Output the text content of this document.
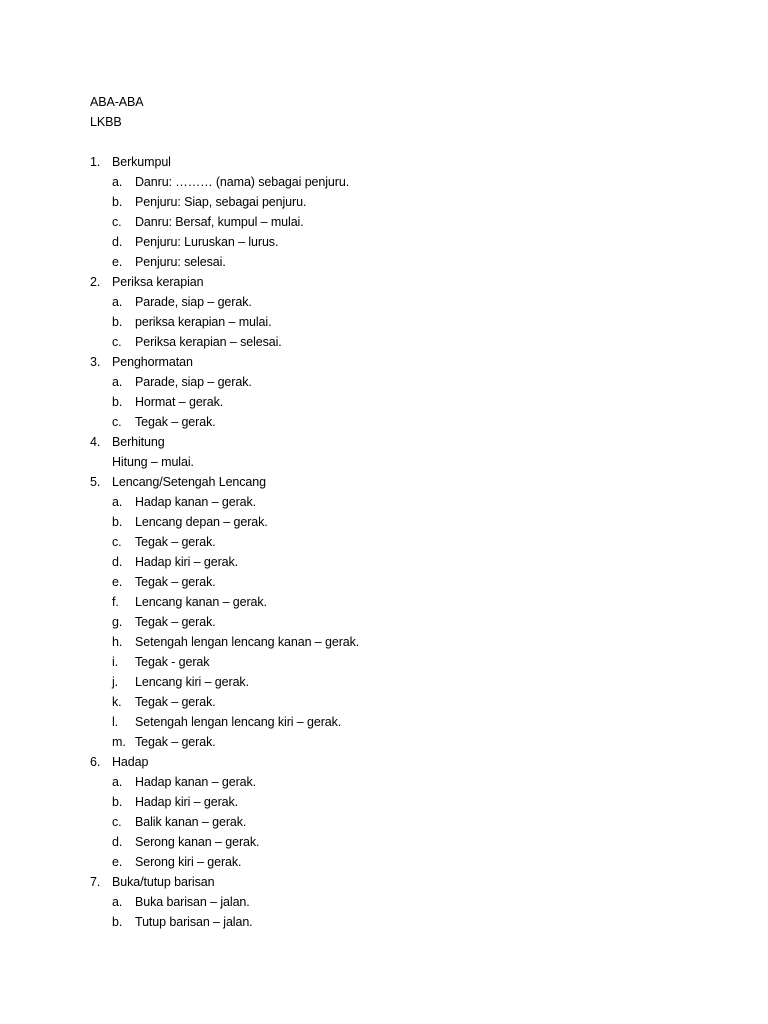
ABA-ABA
LKBB
1. Berkumpul
a. Danru: ……… (nama) sebagai penjuru.
b. Penjuru: Siap, sebagai penjuru.
c. Danru: Bersaf, kumpul – mulai.
d. Penjuru: Luruskan – lurus.
e. Penjuru: selesai.
2. Periksa kerapian
a. Parade, siap – gerak.
b. periksa kerapian – mulai.
c. Periksa kerapian – selesai.
3. Penghormatan
a. Parade, siap – gerak.
b. Hormat – gerak.
c. Tegak – gerak.
4. Berhitung
Hitung – mulai.
5. Lencang/Setengah Lencang
a. Hadap kanan – gerak.
b. Lencang depan – gerak.
c. Tegak – gerak.
d. Hadap kiri – gerak.
e. Tegak – gerak.
f. Lencang kanan – gerak.
g. Tegak – gerak.
h. Setengah lengan lencang kanan – gerak.
i. Tegak - gerak
j. Lencang kiri – gerak.
k. Tegak – gerak.
l. Setengah lengan lencang kiri – gerak.
m. Tegak – gerak.
6. Hadap
a. Hadap kanan – gerak.
b. Hadap kiri – gerak.
c. Balik kanan – gerak.
d. Serong kanan – gerak.
e. Serong kiri – gerak.
7. Buka/tutup barisan
a. Buka barisan – jalan.
b. Tutup barisan – jalan.
